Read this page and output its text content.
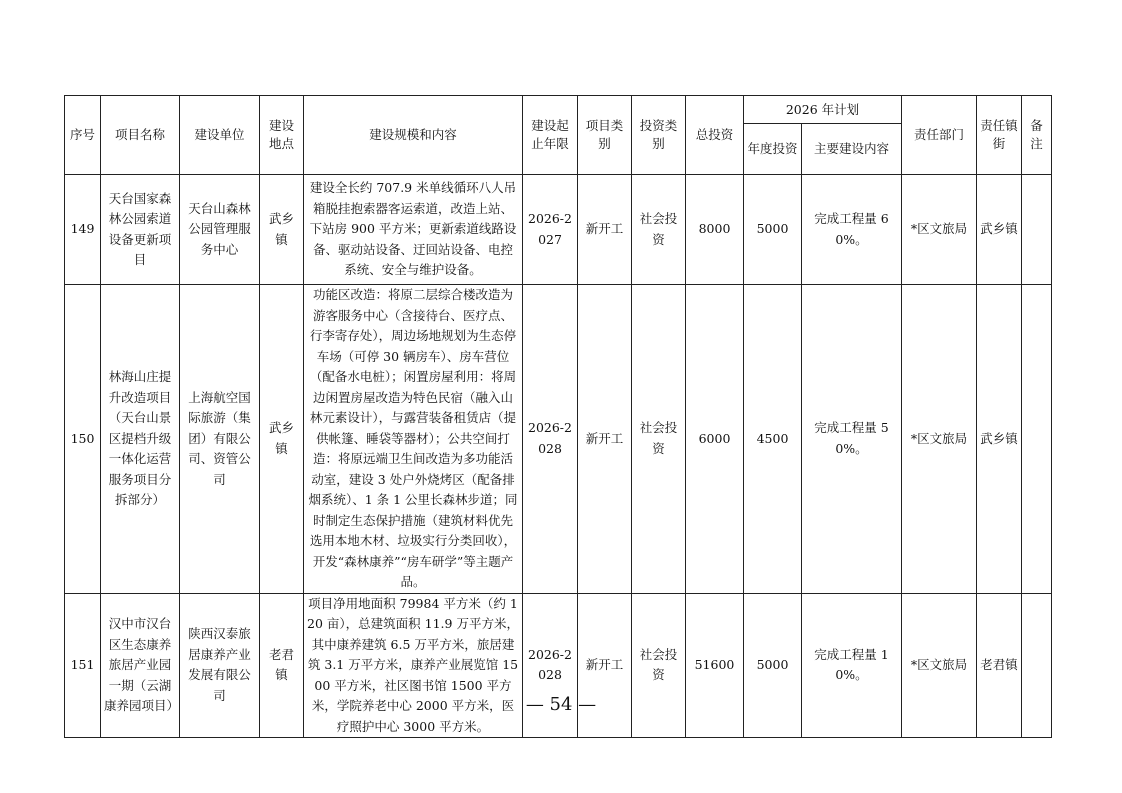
序号	项目名称	建设单位	建设地点	建设规模和内容	建设起止年限	项目类别	投资类别	总投资	2026 年计划		责任部门	责任镇街	备注
									年度投资	主要建设内容			
149	天台国家森林公园索道设备更新项目	天台山森林公园管理服务中心	武乡镇	建设全长约 707.9 米单线循环八人吊箱脱挂抱索器客运索道，改造上站、下站房 900 平方米；更新索道线路设备、驱动站设备、迂回站设备、电控系统、安全与维护设备。	2026-2027	新开工	社会投资	8000	5000	完成工程量 60%。	*区文旅局	武乡镇	
150	林海山庄提升改造项目（天台山景区提档升级一体化运营服务项目分拆部分）	上海航空国际旅游（集团）有限公司、资管公司	武乡镇	功能区改造：将原二层综合楼改造为游客服务中心（含接待台、医疗点、行李寄存处），周边场地规划为生态停车场（可停 30 辆房车）、房车营位（配备水电桩）；闲置房屋利用：将周边闲置房屋改造为特色民宿（融入山林元素设计），与露营装备租赁店（提供帐篷、睡袋等器材）；公共空间打造：将原远端卫生间改造为多功能活动室，建设 3 处户外烧烤区（配备排烟系统）、1 条 1 公里长森林步道；同时制定生态保护措施（建筑材料优先选用本地木材、垃圾实行分类回收），开发“森林康养”“房车研学”等主题产品。	2026-2028	新开工	社会投资	6000	4500	完成工程量 50%。	*区文旅局	武乡镇	
151	汉中市汉台区生态康养旅居产业园一期（云湖康养园项目）	陕西汉泰旅居康养产业发展有限公司	老君镇	项目净用地面积 79984 平方米（约 120 亩），总建筑面积 11.9 万平方米，其中康养建筑 6.5 万平方米，旅居建筑 3.1 万平方米，康养产业展览馆 1500 平方米，社区图书馆 1500 平方米，学院养老中心 2000 平方米，医疗照护中心 3000 平方米。	2026-2028	新开工	社会投资	51600	5000	完成工程量 10%。	*区文旅局	老君镇	
— 54 —
